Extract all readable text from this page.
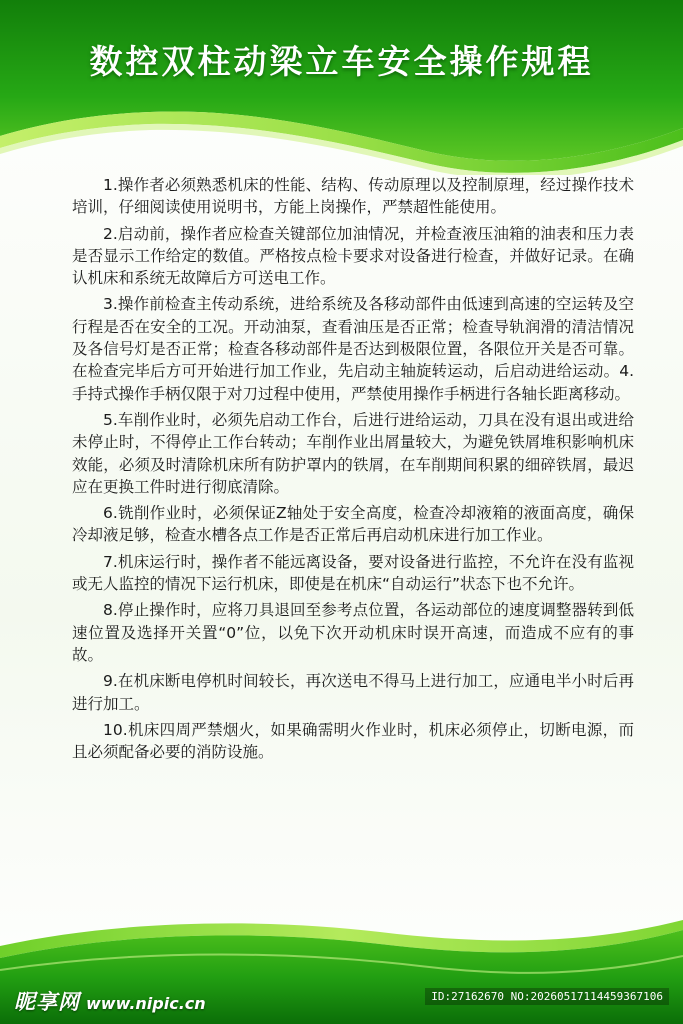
数控双柱动梁立车安全操作规程

1.操作者必须熟悉机床的性能、结构、传动原理以及控制原理，经过操作技术培训，仔细阅读使用说明书，方能上岗操作，严禁超性能使用。

2.启动前，操作者应检查关键部位加油情况，并检查液压油箱的油表和压力表是否显示工作给定的数值。严格按点检卡要求对设备进行检查，并做好记录。在确认机床和系统无故障后方可送电工作。

3.操作前检查主传动系统，进给系统及各移动部件由低速到高速的空运转及空行程是否在安全的工况。开动油泵，查看油压是否正常；检查导轨润滑的清洁情况及各信号灯是否正常；检查各移动部件是否达到极限位置，各限位开关是否可靠。在检查完毕后方可开始进行加工作业，先启动主轴旋转运动，后启动进给运动。4.手持式操作手柄仅限于对刀过程中使用，严禁使用操作手柄进行各轴长距离移动。

5.车削作业时，必须先启动工作台，后进行进给运动，刀具在没有退出或进给未停止时，不得停止工作台转动；车削作业出屑量较大，为避免铁屑堆积影响机床效能，必须及时清除机床所有防护罩内的铁屑，在车削期间积累的细碎铁屑，最迟应在更换工件时进行彻底清除。

6.铣削作业时，必须保证Z轴处于安全高度，检查冷却液箱的液面高度，确保冷却液足够，检查水槽各点工作是否正常后再启动机床进行加工作业。

7.机床运行时，操作者不能远离设备，要对设备进行监控，不允许在没有监视或无人监控的情况下运行机床，即使是在机床“自动运行”状态下也不允许。

8.停止操作时，应将刀具退回至参考点位置，各运动部位的速度调整器转到低速位置及选择开关置“0”位，以免下次开动机床时误开高速，而造成不应有的事故。

9.在机床断电停机时间较长，再次送电不得马上进行加工，应通电半小时后再进行加工。

10.机床四周严禁烟火，如果确需明火作业时，机床必须停止，切断电源，而且必须配备必要的消防设施。

昵享网 www.nipic.cn	ID:27162670 NO:20260517114459367106
